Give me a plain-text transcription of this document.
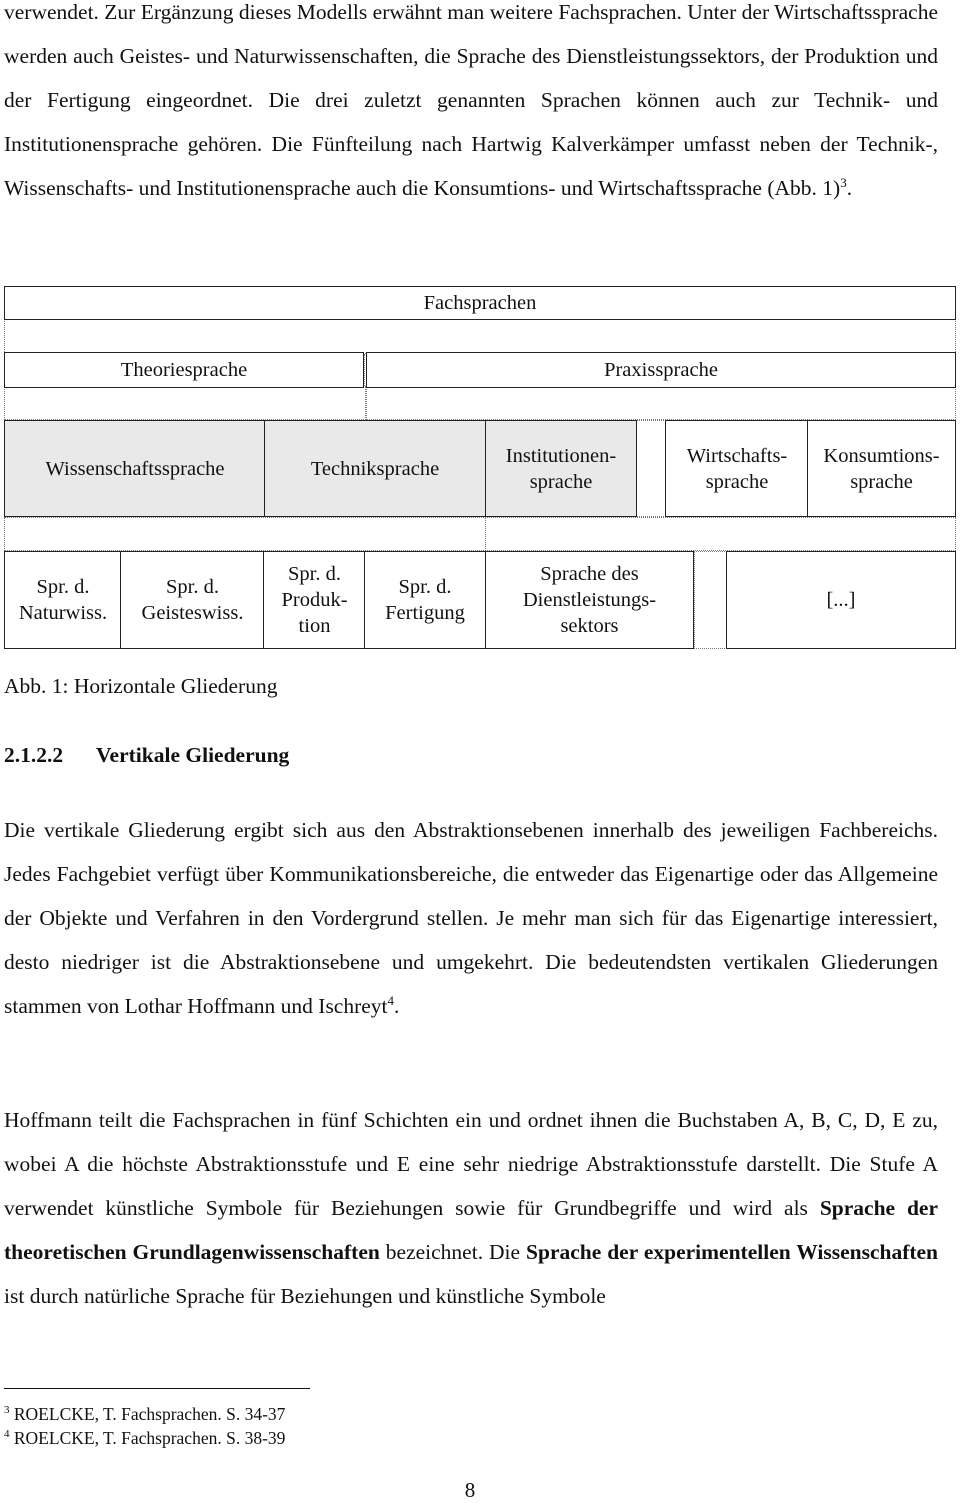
verwendet. Zur Ergänzung dieses Modells erwähnt man weitere Fachsprachen. Unter der Wirtschaftssprache werden auch Geistes- und Naturwissenschaften, die Sprache des Dienstleistungssektors, der Produktion und der Fertigung eingeordnet. Die drei zuletzt genannten Sprachen können auch zur Technik- und Institutionensprache gehören. Die Fünfteilung nach Hartwig Kalverkämper umfasst neben der Technik-, Wissenschafts- und Institutionensprache auch die Konsumtions- und Wirtschaftssprache (Abb. 1)$^3$.

Fachsprachen
Theoriesprache	Praxissprache
Wissenschaftssprache	Techniksprache
Institutionen-
sprache
Wirtschafts-
sprache
Konsumtions-
sprache
Spr. d.
Naturwiss.
Spr. d.
Geisteswiss.
Spr. d.
Produk-
tion
Spr. d.
Fertigung
Sprache des
Dienstleistungs-
sektors
[...]

Abb. 1: Horizontale Gliederung

2.1.2.2 Vertikale Gliederung

Die vertikale Gliederung ergibt sich aus den Abstraktionsebenen innerhalb des jeweiligen Fachbereichs. Jedes Fachgebiet verfügt über Kommunikationsbereiche, die entweder das Eigenartige oder das Allgemeine der Objekte und Verfahren in den Vordergrund stellen. Je mehr man sich für das Eigenartige interessiert, desto niedriger ist die Abstraktionsebene und umgekehrt. Die bedeutendsten vertikalen Gliederungen stammen von Lothar Hoffmann und Ischreyt$^4$.

Hoffmann teilt die Fachsprachen in fünf Schichten ein und ordnet ihnen die Buchstaben A, B, C, D, E zu, wobei A die höchste Abstraktionsstufe und E eine sehr niedrige Abstraktionsstufe darstellt. Die Stufe A verwendet künstliche Symbole für Beziehungen sowie für Grundbegriffe und wird als Sprache der theoretischen Grundlagenwissenschaften bezeichnet. Die Sprache der experimentellen Wissenschaften ist durch natürliche Sprache für Beziehungen und künstliche Symbole

$^3$ ROELCKE, T. Fachsprachen. S. 34-37

$^4$ ROELCKE, T. Fachsprachen. S. 38-39

8
